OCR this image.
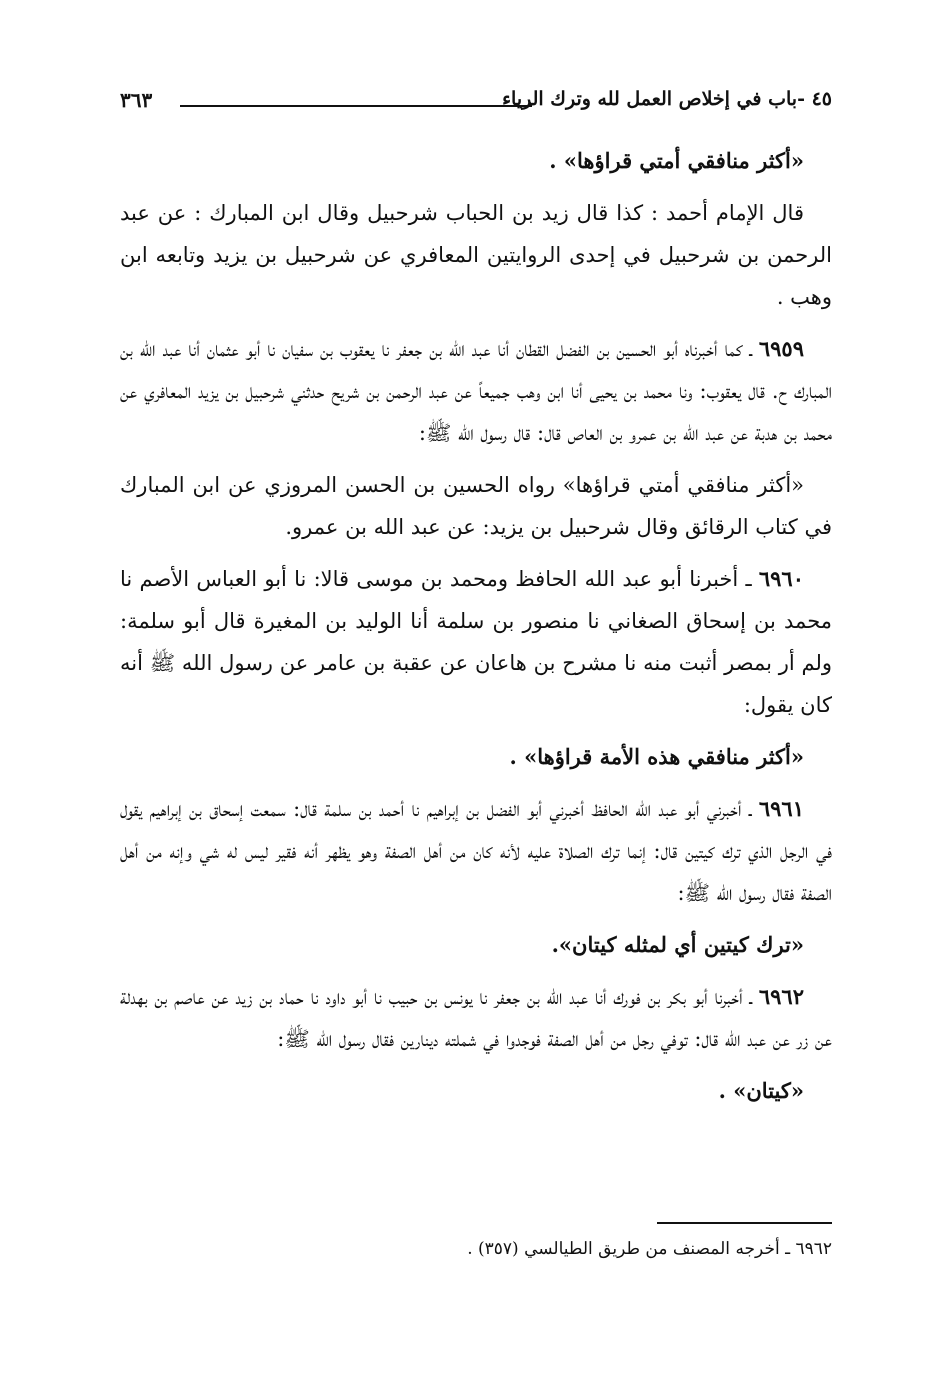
٤٥ -باب في إخلاص العمل لله وترك الرياء
٣٦٣

«أكثر منافقي أمتي قراؤها» .

قال الإمام أحمد : كذا قال زيد بن الحباب شرحبيل وقال ابن المبارك : عن عبد الرحمن بن شرحبيل في إحدى الروايتين المعافري عن شرحبيل بن يزيد وتابعه ابن وهب .

٦٩٥٩ ـ كما أخبرناه أبو الحسين بن الفضل القطان أنا عبد الله بن جعفر نا يعقوب بن سفيان نا أبو عثمان أنا عبد الله بن المبارك ح. قال يعقوب: ونا محمد بن يحيى أنا ابن وهب جميعاً عن عبد الرحمن بن شريح حدثني شرحبيل بن يزيد المعافري عن محمد بن هدبة عن عبد الله بن عمرو بن العاص قال: قال رسول الله ﷺ:

«أكثر منافقي أمتي قراؤها» رواه الحسين بن الحسن المروزي عن ابن المبارك في كتاب الرقائق وقال شرحبيل بن يزيد: عن عبد الله بن عمرو.

٦٩٦٠ ـ أخبرنا أبو عبد الله الحافظ ومحمد بن موسى قالا: نا أبو العباس الأصم نا محمد بن إسحاق الصغاني نا منصور بن سلمة أنا الوليد بن المغيرة قال أبو سلمة: ولم أر بمصر أثبت منه نا مشرح بن هاعان عن عقبة بن عامر عن رسول الله ﷺ أنه كان يقول:

«أكثر منافقي هذه الأمة قراؤها» .

٦٩٦١ ـ أخبرني أبو عبد الله الحافظ أخبرني أبو الفضل بن إبراهيم نا أحمد بن سلمة قال: سمعت إسحاق بن إبراهيم يقول في الرجل الذي ترك كيتين قال: إنما ترك الصلاة عليه لأنه كان من أهل الصفة وهو يظهر أنه فقير ليس له شي وإنه من أهل الصفة فقال رسول الله ﷺ:

«ترك كيتين أي لمثله كيتان».

٦٩٦٢ ـ أخبرنا أبو بكر بن فورك أنا عبد الله بن جعفر نا يونس بن حبيب نا أبو داود نا حماد بن زيد عن عاصم بن بهدلة عن زر عن عبد الله قال: توفي رجل من أهل الصفة فوجدوا في شملته دينارين فقال رسول الله ﷺ:

«كيتان» .

٦٩٦٢ ـ أخرجه المصنف من طريق الطيالسي (٣٥٧) .
